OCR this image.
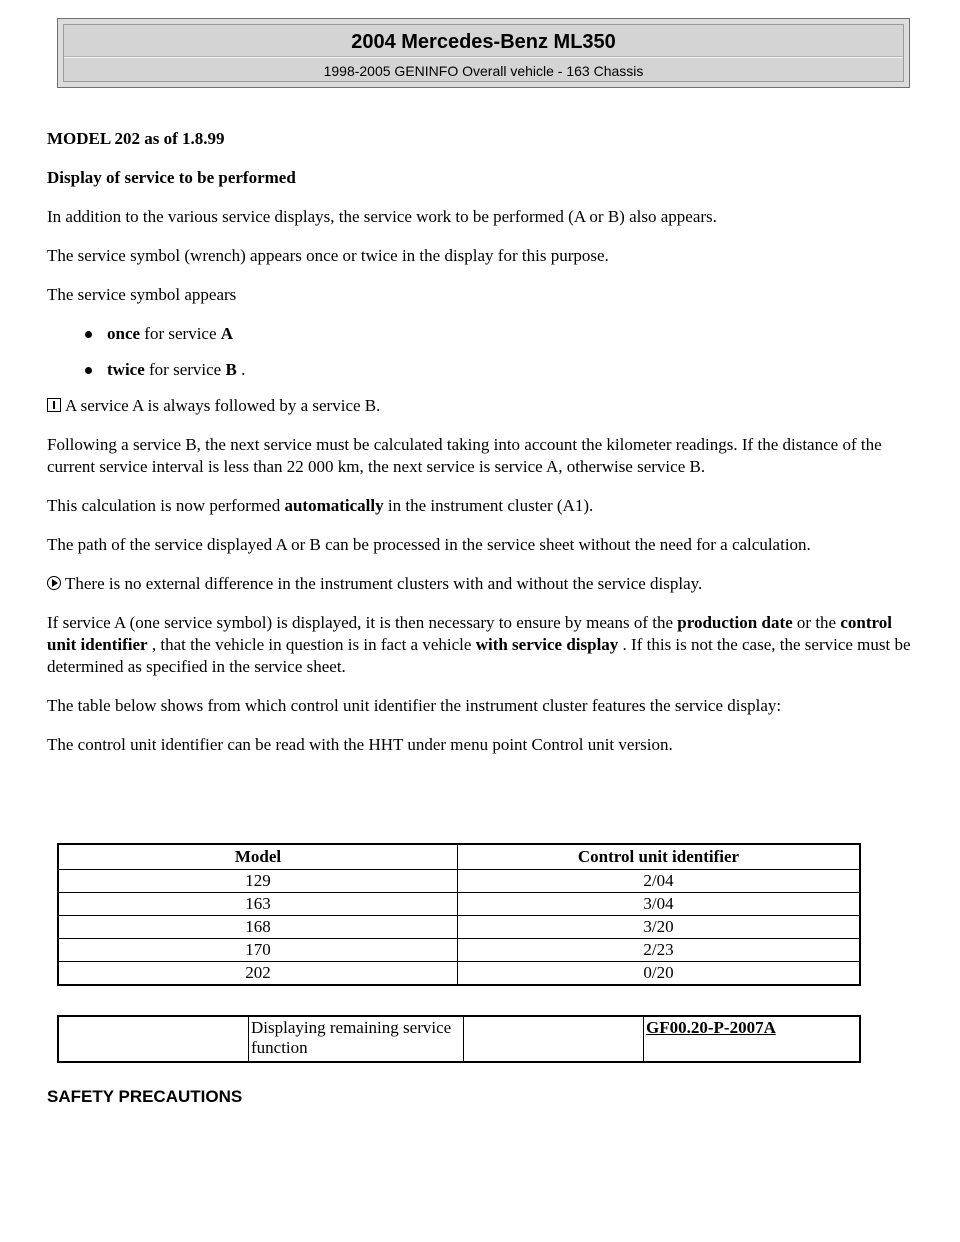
2004 Mercedes-Benz ML350
1998-2005 GENINFO Overall vehicle - 163 Chassis

MODEL 202 as of 1.8.99

Display of service to be performed

In addition to the various service displays, the service work to be performed (A or B) also appears.

The service symbol (wrench) appears once or twice in the display for this purpose.

The service symbol appears

once for service A
twice for service B .

A service A is always followed by a service B.

Following a service B, the next service must be calculated taking into account the kilometer readings. If the distance of the current service interval is less than 22 000 km, the next service is service A, otherwise service B.

This calculation is now performed automatically in the instrument cluster (A1).

The path of the service displayed A or B can be processed in the service sheet without the need for a calculation.

There is no external difference in the instrument clusters with and without the service display.

If service A (one service symbol) is displayed, it is then necessary to ensure by means of the production date or the control unit identifier , that the vehicle in question is in fact a vehicle with service display . If this is not the case, the service must be determined as specified in the service sheet.

The table below shows from which control unit identifier the instrument cluster features the service display:

The control unit identifier can be read with the HHT under menu point Control unit version.

Model	Control unit identifier
129	2/04
163	3/04
168	3/20
170	2/23
202	0/20
	Displaying remaining service function		GF00.20-P-2007A
SAFETY PRECAUTIONS
